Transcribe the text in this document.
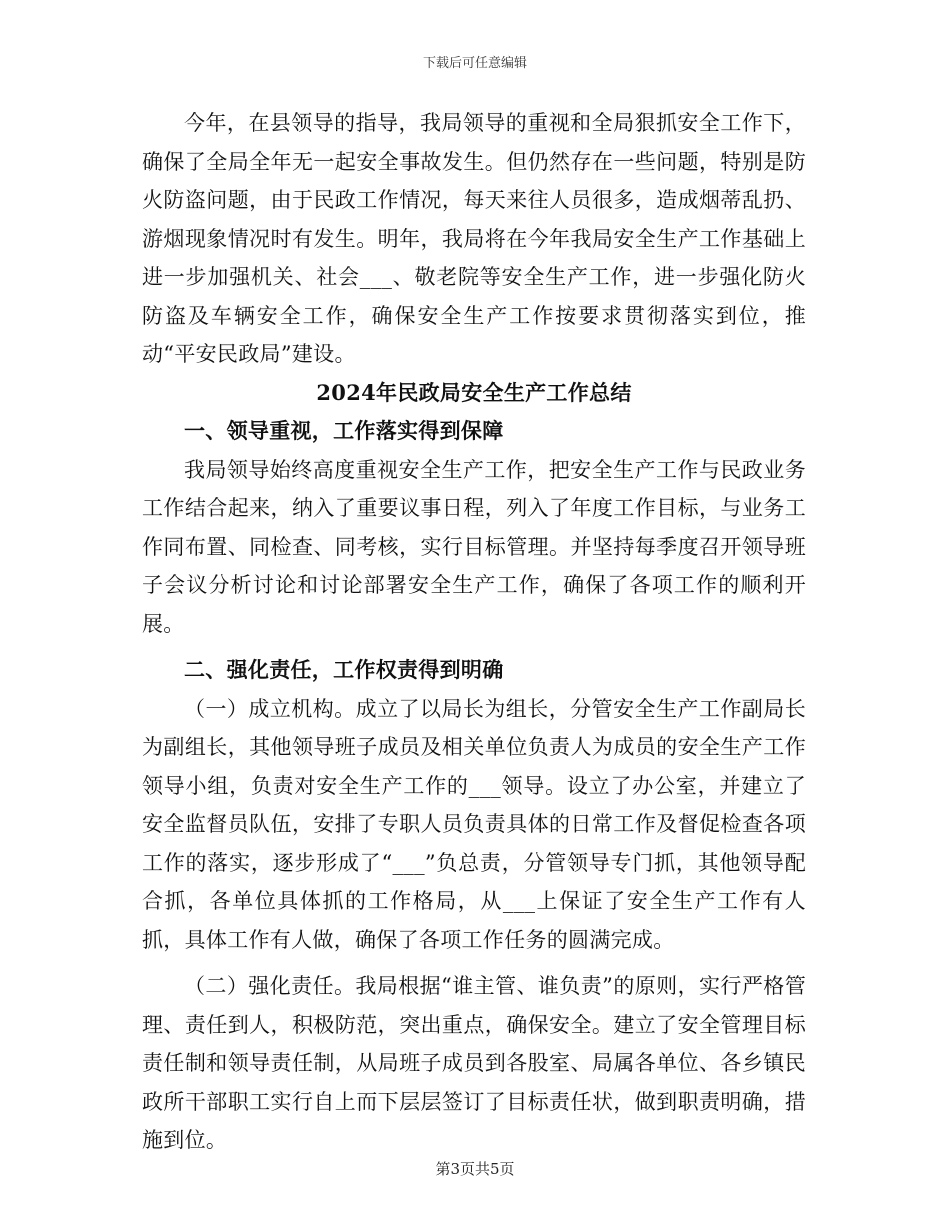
下载后可任意编辑

今年，在县领导的指导，我局领导的重视和全局狠抓安全工作下，确保了全局全年无一起安全事故发生。但仍然存在一些问题，特别是防火防盗问题，由于民政工作情况，每天来往人员很多，造成烟蒂乱扔、游烟现象情况时有发生。明年，我局将在今年我局安全生产工作基础上进一步加强机关、社会___、敬老院等安全生产工作，进一步强化防火防盗及车辆安全工作，确保安全生产工作按要求贯彻落实到位，推动“平安民政局”建设。

2024年民政局安全生产工作总结

一、领导重视，工作落实得到保障

我局领导始终高度重视安全生产工作，把安全生产工作与民政业务工作结合起来，纳入了重要议事日程，列入了年度工作目标，与业务工作同布置、同检查、同考核，实行目标管理。并坚持每季度召开领导班子会议分析讨论和讨论部署安全生产工作，确保了各项工作的顺利开展。

二、强化责任，工作权责得到明确

（一）成立机构。成立了以局长为组长，分管安全生产工作副局长为副组长，其他领导班子成员及相关单位负责人为成员的安全生产工作领导小组，负责对安全生产工作的___领导。设立了办公室，并建立了安全监督员队伍，安排了专职人员负责具体的日常工作及督促检查各项工作的落实，逐步形成了“___”负总责，分管领导专门抓，其他领导配合抓，各单位具体抓的工作格局，从___上保证了安全生产工作有人抓，具体工作有人做，确保了各项工作任务的圆满完成。

（二）强化责任。我局根据“谁主管、谁负责”的原则，实行严格管理、责任到人，积极防范，突出重点，确保安全。建立了安全管理目标责任制和领导责任制，从局班子成员到各股室、局属各单位、各乡镇民政所干部职工实行自上而下层层签订了目标责任状，做到职责明确，措施到位。

第3页共5页
